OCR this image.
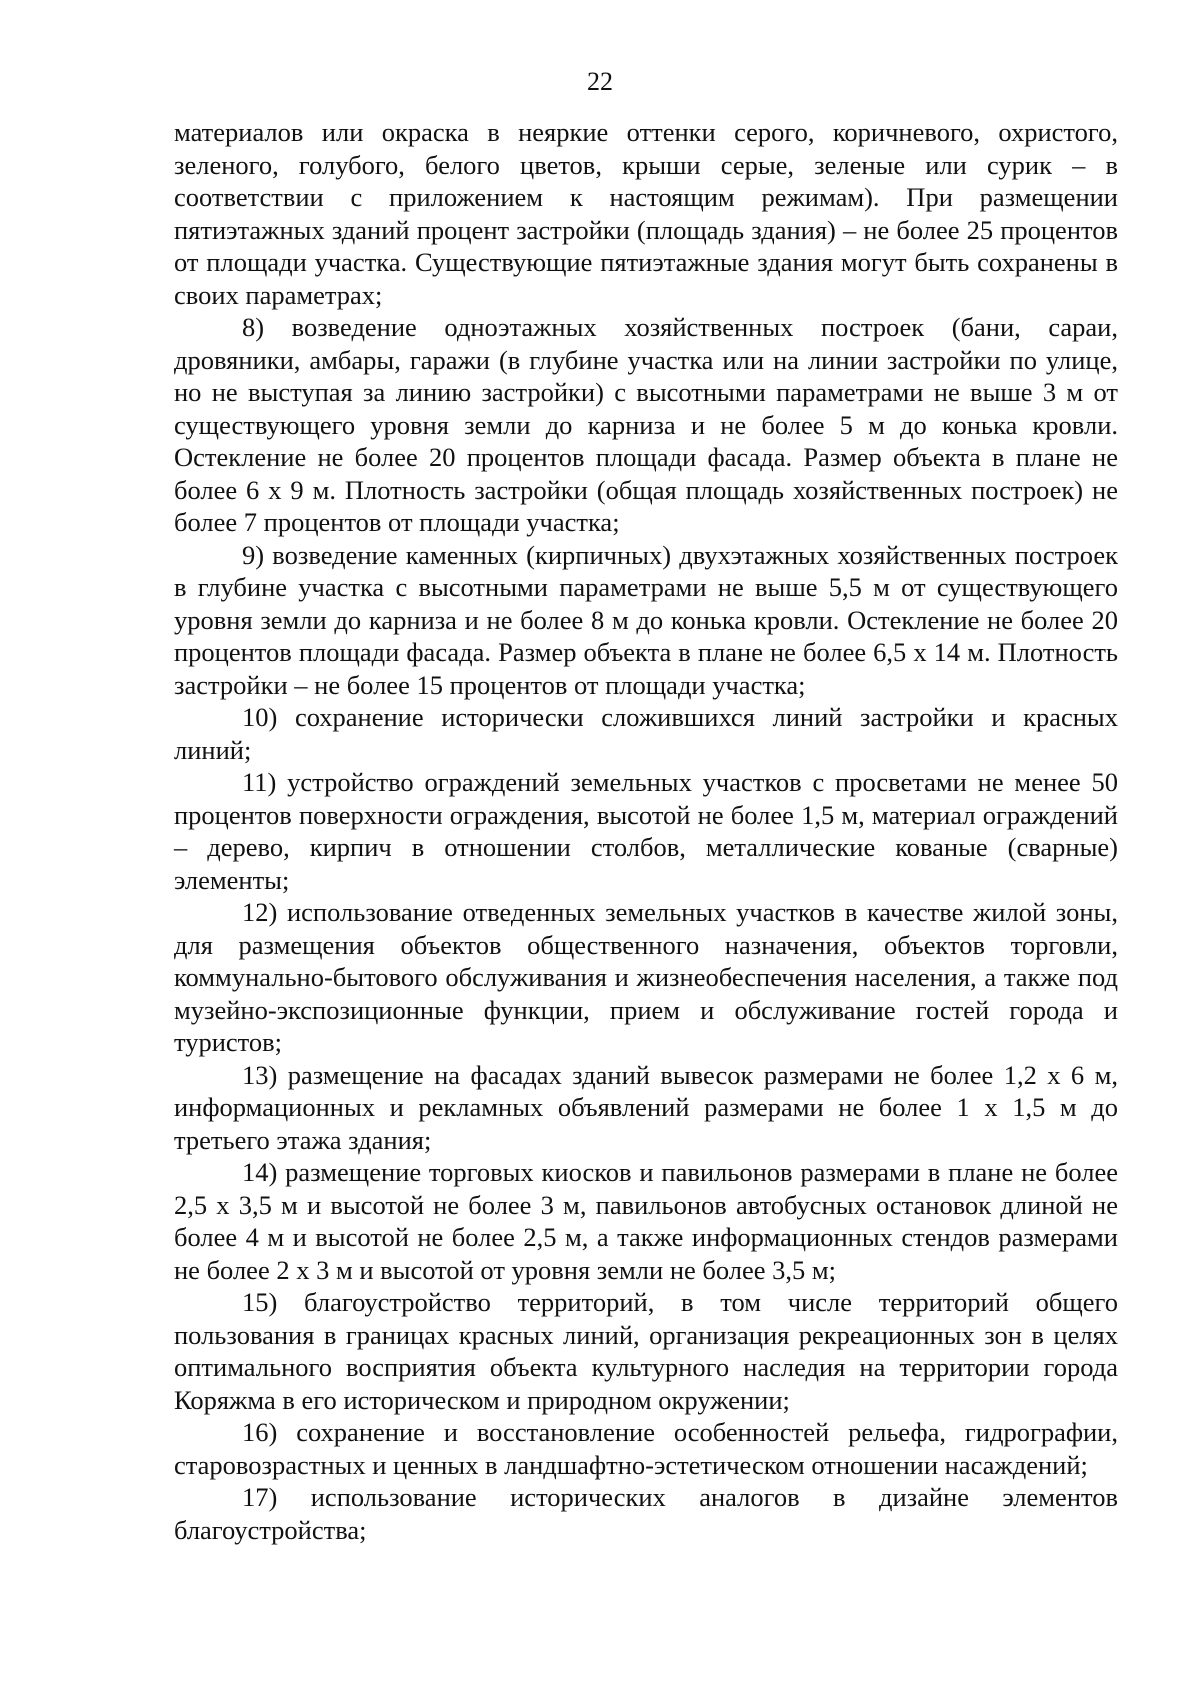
22

материалов или окраска в неяркие оттенки серого, коричневого, охристого, зеленого, голубого, белого цветов, крыши серые, зеленые или сурик – в соответствии с приложением к настоящим режимам). При размещении пятиэтажных зданий процент застройки (площадь здания) – не более 25 процентов от площади участка. Существующие пятиэтажные здания могут быть сохранены в своих параметрах;

8) возведение одноэтажных хозяйственных построек (бани, сараи, дровяники, амбары, гаражи (в глубине участка или на линии застройки по улице, но не выступая за линию застройки) с высотными параметрами не выше 3 м от существующего уровня земли до карниза и не более 5 м до конька кровли. Остекление не более 20 процентов площади фасада. Размер объекта в плане не более 6 х 9 м. Плотность застройки (общая площадь хозяйственных построек) не более 7 процентов от площади участка;

9) возведение каменных (кирпичных) двухэтажных хозяйственных построек в глубине участка с высотными параметрами не выше 5,5 м от существующего уровня земли до карниза и не более 8 м до конька кровли. Остекление не более 20 процентов площади фасада. Размер объекта в плане не более 6,5 х 14 м. Плотность застройки – не более 15 процентов от площади участка;

10) сохранение исторически сложившихся линий застройки и красных линий;

11) устройство ограждений земельных участков с просветами не менее 50 процентов поверхности ограждения, высотой не более 1,5 м, материал ограждений – дерево, кирпич в отношении столбов, металлические кованые (сварные) элементы;

12) использование отведенных земельных участков в качестве жилой зоны, для размещения объектов общественного назначения, объектов торговли, коммунально-бытового обслуживания и жизнеобеспечения населения, а также под музейно-экспозиционные функции, прием и обслуживание гостей города и туристов;

13) размещение на фасадах зданий вывесок размерами не более 1,2 х 6 м, информационных и рекламных объявлений размерами не более 1 х 1,5 м до третьего этажа здания;

14) размещение торговых киосков и павильонов размерами в плане не более 2,5 х 3,5 м и высотой не более 3 м, павильонов автобусных остановок длиной не более 4 м и высотой не более 2,5 м, а также информационных стендов размерами не более 2 х 3 м и высотой от уровня земли не более 3,5 м;

15) благоустройство территорий, в том числе территорий общего пользования в границах красных линий, организация рекреационных зон в целях оптимального восприятия объекта культурного наследия на территории города Коряжма в его историческом и природном окружении;

16) сохранение и восстановление особенностей рельефа, гидрографии, старовозрастных и ценных в ландшафтно-эстетическом отношении насаждений;

17) использование исторических аналогов в дизайне элементов благоустройства;
